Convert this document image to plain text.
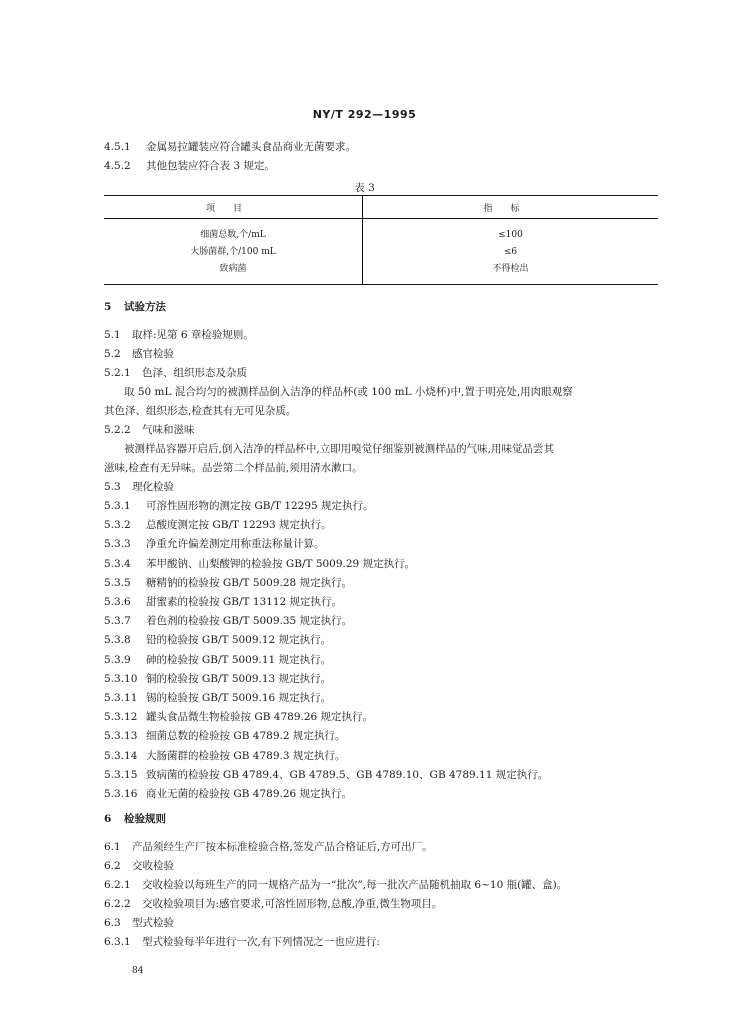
NY/T 292—1995
4.5.1 金属易拉罐装应符合罐头食品商业无菌要求。
4.5.2 其他包装应符合表 3 规定。
表 3
项目	指标
细菌总数,个/mL	≤100
大肠菌群,个/100 mL	≤6
致病菌	不得检出
5 试验方法
5.1 取样:见第 6 章检验规则。
5.2 感官检验
5.2.1 色泽、组织形态及杂质
取 50 mL 混合均匀的被测样品倒入洁净的样品杯(或 100 mL 小烧杯)中,置于明亮处,用肉眼观察
其色泽、组织形态,检查其有无可见杂质。
5.2.2 气味和滋味
被测样品容器开启后,倒入洁净的样品杯中,立即用嗅觉仔细鉴别被测样品的气味,用味觉品尝其
滋味,检查有无异味。品尝第二个样品前,须用清水漱口。
5.3 理化检验
5.3.1 可溶性固形物的测定按 GB/T 12295 规定执行。
5.3.2 总酸度测定按 GB/T 12293 规定执行。
5.3.3 净重允许偏差测定用称重法称量计算。
5.3.4 苯甲酸钠、山梨酸钾的检验按 GB/T 5009.29 规定执行。
5.3.5 糖精钠的检验按 GB/T 5009.28 规定执行。
5.3.6 甜蜜素的检验按 GB/T 13112 规定执行。
5.3.7 着色剂的检验按 GB/T 5009.35 规定执行。
5.3.8 铅的检验按 GB/T 5009.12 规定执行。
5.3.9 砷的检验按 GB/T 5009.11 规定执行。
5.3.10 铜的检验按 GB/T 5009.13 规定执行。
5.3.11 锡的检验按 GB/T 5009.16 规定执行。
5.3.12 罐头食品微生物检验按 GB 4789.26 规定执行。
5.3.13 细菌总数的检验按 GB 4789.2 规定执行。
5.3.14 大肠菌群的检验按 GB 4789.3 规定执行。
5.3.15 致病菌的检验按 GB 4789.4、GB 4789.5、GB 4789.10、GB 4789.11 规定执行。
5.3.16 商业无菌的检验按 GB 4789.26 规定执行。
6 检验规则
6.1 产品须经生产厂按本标准检验合格,签发产品合格证后,方可出厂。
6.2 交收检验
6.2.1 交收检验以每班生产的同一规格产品为一“批次”,每一批次产品随机抽取 6~10 瓶(罐、盒)。
6.2.2 交收检验项目为:感官要求,可溶性固形物,总酸,净重,微生物项目。
6.3 型式检验
6.3.1 型式检验每半年进行一次,有下列情况之一也应进行:
84
